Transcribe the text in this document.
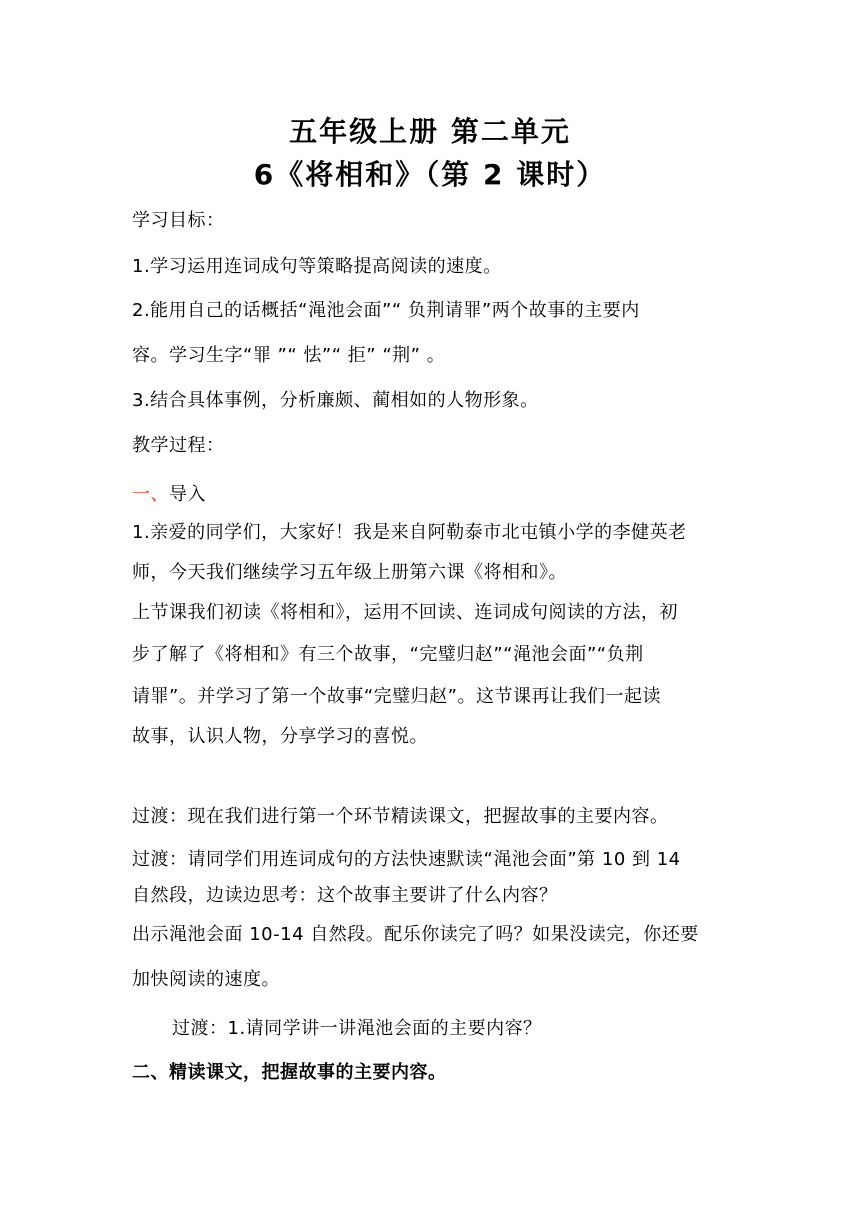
五年级上册 第二单元
6《将相和》（第 2 课时）
学习目标：
1.学习运用连词成句等策略提高阅读的速度。
2.能用自己的话概括“渑池会面”“ 负荆请罪”两个故事的主要内
容。学习生字“罪 ”“ 怯”“ 拒” “荆” 。
3.结合具体事例，分析廉颇、蔺相如的人物形象。
教学过程：
一、导入
1.亲爱的同学们，大家好！我是来自阿勒泰市北屯镇小学的李健英老
师，今天我们继续学习五年级上册第六课《将相和》。
上节课我们初读《将相和》，运用不回读、连词成句阅读的方法，初
步了解了《将相和》有三个故事，“完璧归赵”“渑池会面”“负荆
请罪”。并学习了第一个故事“完璧归赵”。这节课再让我们一起读
故事，认识人物，分享学习的喜悦。
过渡：现在我们进行第一个环节精读课文，把握故事的主要内容。
过渡：请同学们用连词成句的方法快速默读“渑池会面”第 10 到 14
自然段，边读边思考：这个故事主要讲了什么内容？
出示渑池会面 10-14 自然段。配乐你读完了吗？如果没读完，你还要
加快阅读的速度。
过渡：1.请同学讲一讲渑池会面的主要内容？
二、精读课文，把握故事的主要内容。
